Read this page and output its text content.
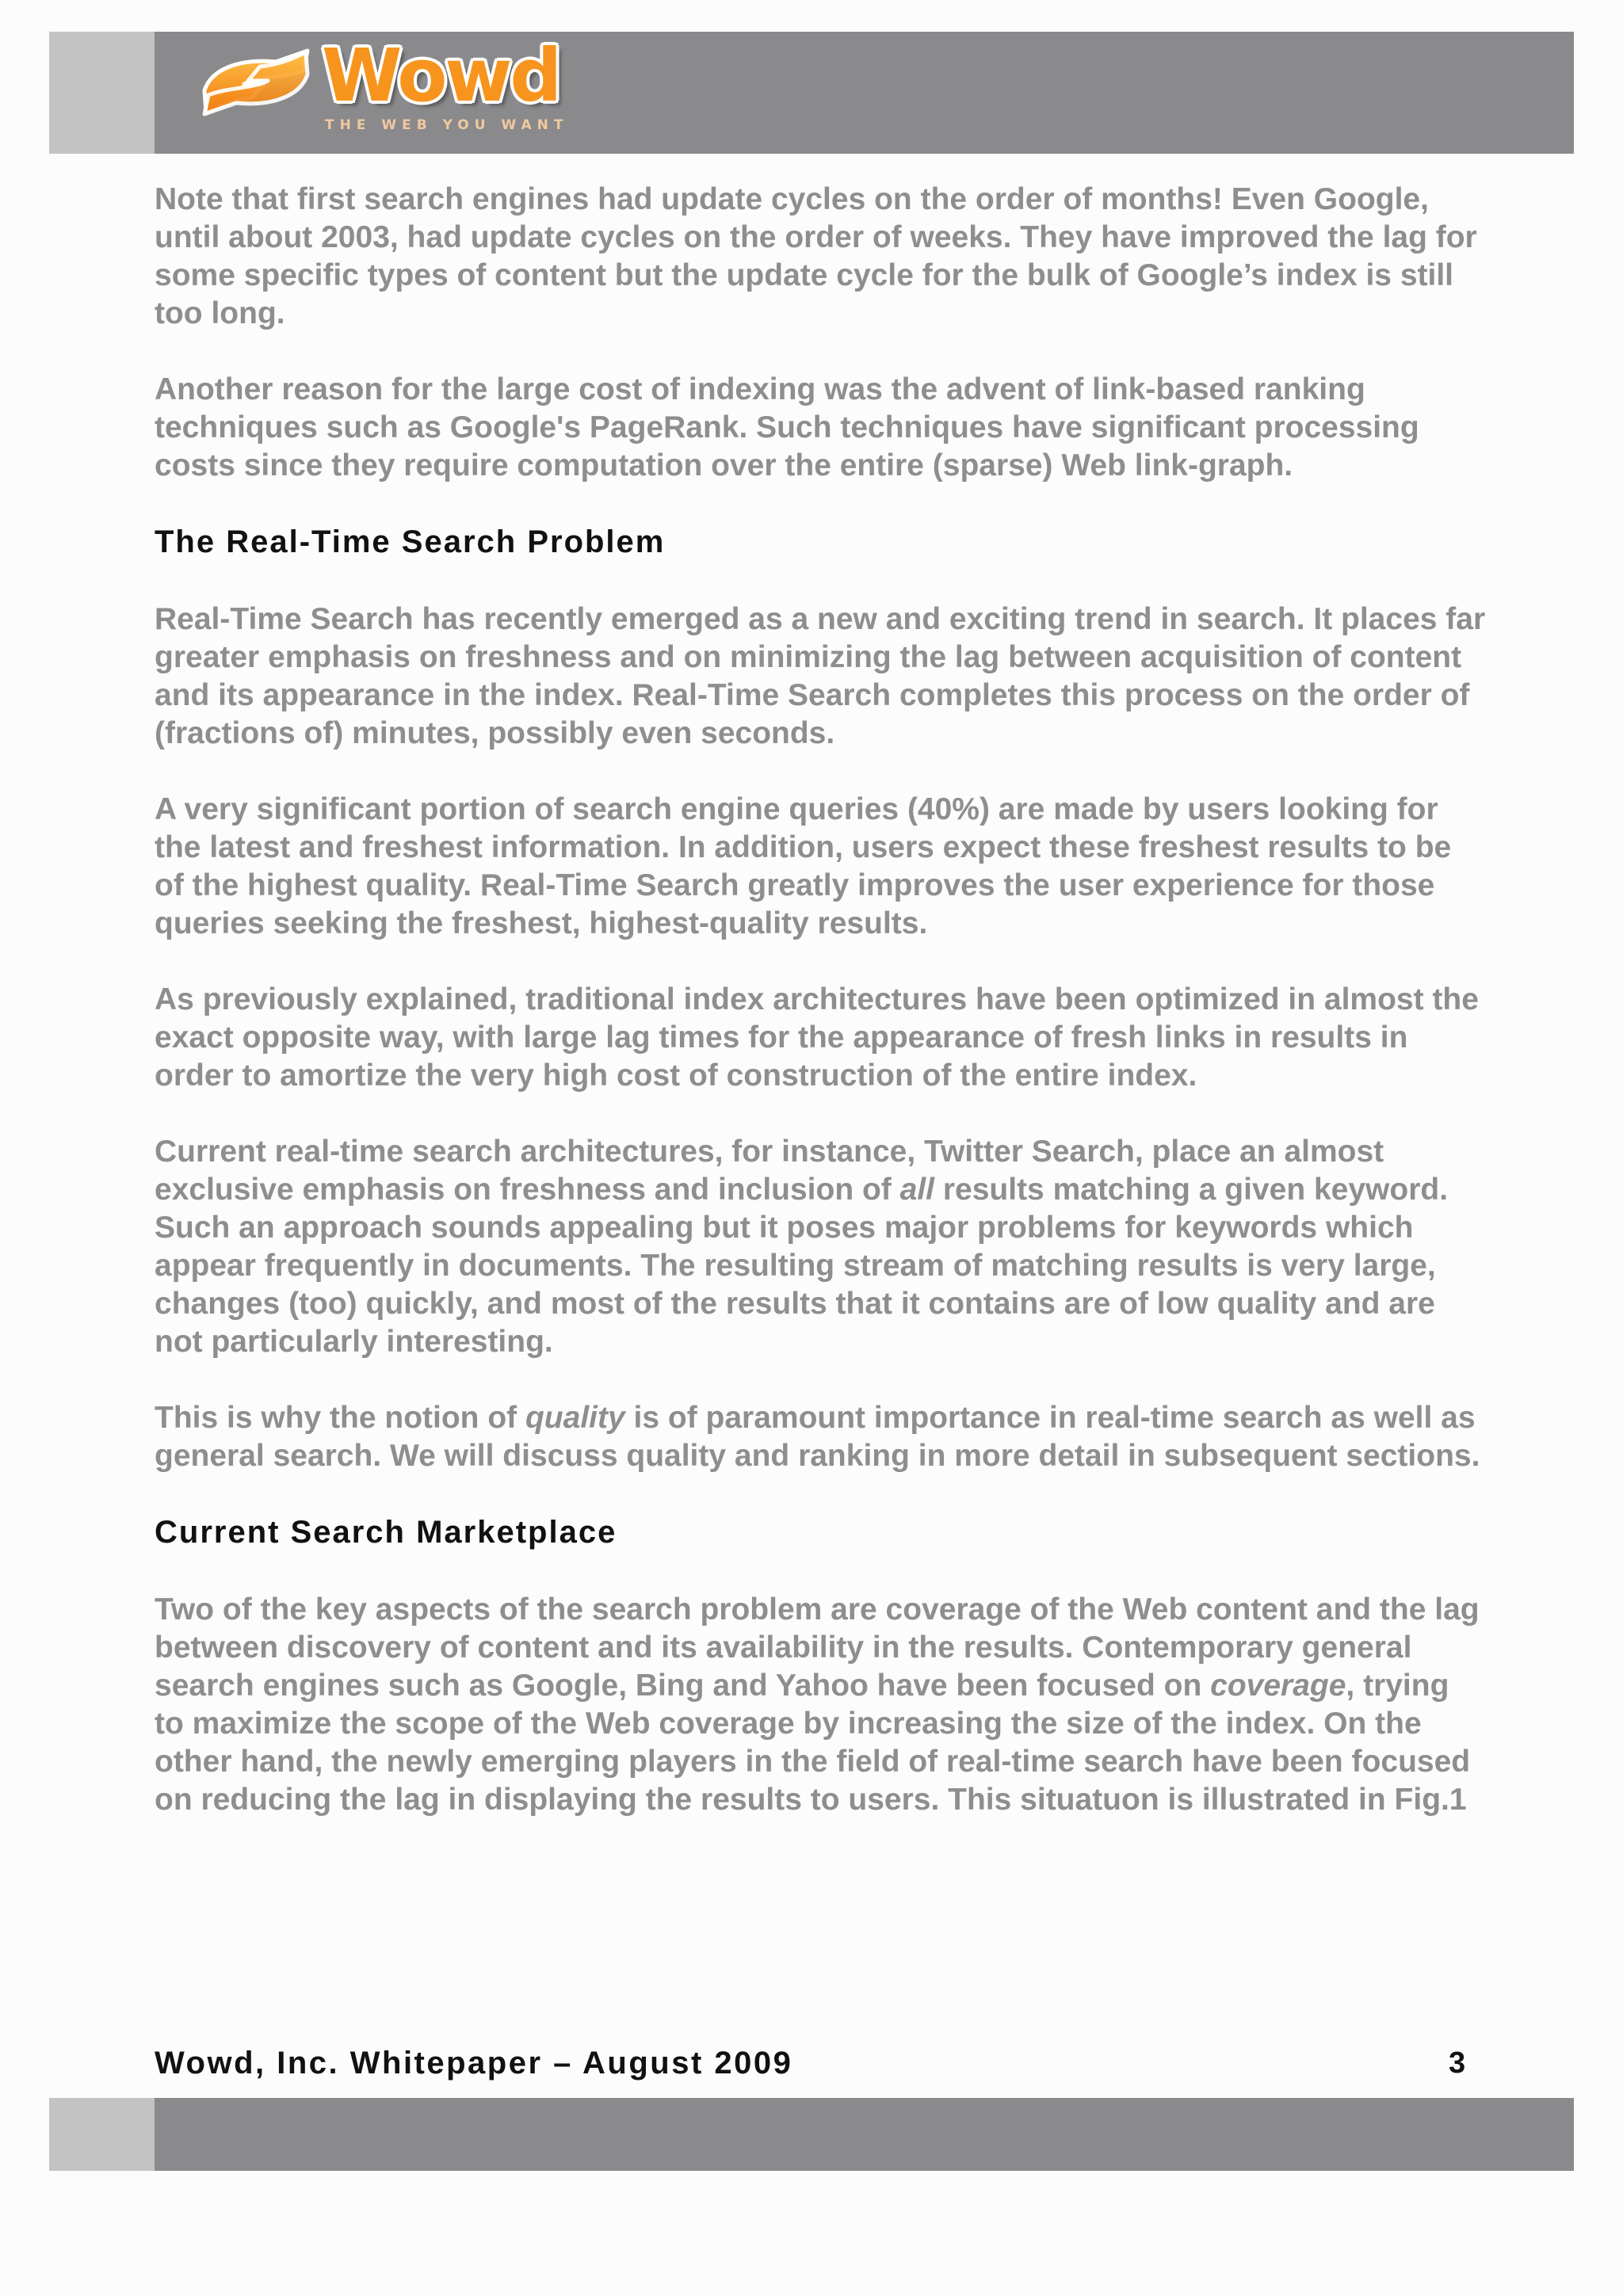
Wowd
THE WEB YOU WANT

Note that first search engines had update cycles on the order of months! Even Google, until about 2003, had update cycles on the order of weeks. They have improved the lag for some specific types of content but the update cycle for the bulk of Google’s index is still too long.

Another reason for the large cost of indexing was the advent of link-based ranking techniques such as Google's PageRank. Such techniques have significant processing costs since they require computation over the entire (sparse) Web link-graph.

The Real-Time Search Problem

Real-Time Search has recently emerged as a new and exciting trend in search. It places far greater emphasis on freshness and on minimizing the lag between acquisition of content and its appearance in the index. Real-Time Search completes this process on the order of (fractions of) minutes, possibly even seconds.

A very significant portion of search engine queries (40%) are made by users looking for the latest and freshest information. In addition, users expect these freshest results to be of the highest quality. Real-Time Search greatly improves the user experience for those queries seeking the freshest, highest-quality results.

As previously explained, traditional index architectures have been optimized in almost the exact opposite way, with large lag times for the appearance of fresh links in results in order to amortize the very high cost of construction of the entire index.

Current real-time search architectures, for instance, Twitter Search, place an almost exclusive emphasis on freshness and inclusion of all results matching a given keyword. Such an approach sounds appealing but it poses major problems for keywords which appear frequently in documents. The resulting stream of matching results is very large, changes (too) quickly, and most of the results that it contains are of low quality and are not particularly interesting.

This is why the notion of quality is of paramount importance in real-time search as well as general search. We will discuss quality and ranking in more detail in subsequent sections.

Current Search Marketplace

Two of the key aspects of the search problem are coverage of the Web content and the lag between discovery of content and its availability in the results. Contemporary general search engines such as Google, Bing and Yahoo have been focused on coverage, trying to maximize the scope of the Web coverage by increasing the size of the index. On the other hand, the newly emerging players in the field of real-time search have been focused on reducing the lag in displaying the results to users. This situatuon is illustrated in Fig.1

Wowd, Inc. Whitepaper – August 2009	3
